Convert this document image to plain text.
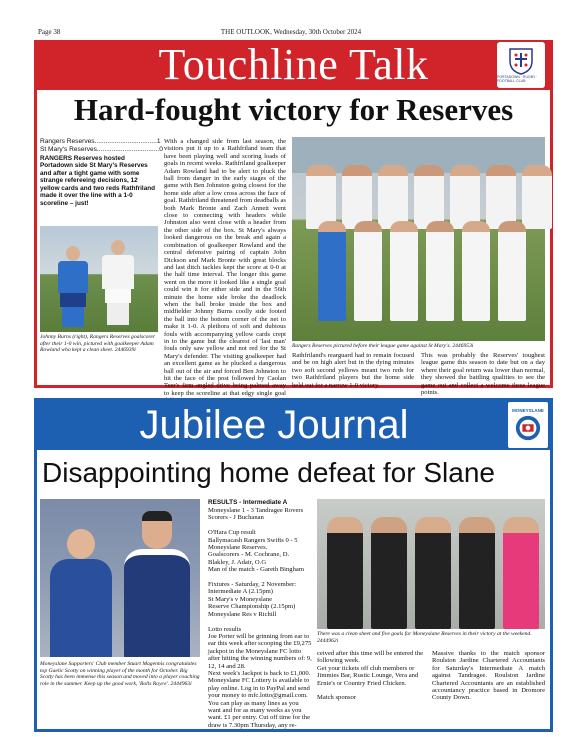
Page 38	THE OUTLOOK, Wednesday, 30th October 2024
Touchline Talk	PORTADOWN · RUGBY · FOOTBALL CLUB
Hard-fought victory for Reserves
Rangers Reserves..................................1
St Mary's Reserves..................................0
RANGERS Reserves hosted Portadown side St Mary's Reserves and after a tight game with some strange refereeing decisions, 12 yellow cards and two reds Rathfriland made it over the line with a 1-0 scoreline – just!
Johnny Burns (right), Rangers Reserves goalscorer after their 1-0 win, pictured with goalkeeper Adam Rowland who kept a clean sheet. 2446939i
With a changed side from last season, the visitors put it up to a Rathfriland team that have been playing well and scoring loads of goals in recent weeks. Rathfriland goalkeeper Adam Rowland had to be alert to pluck the ball from danger in the early stages of the game with Ben Johnston going closest for the home side after a low cross across the face of goal. Rathfriland threatened from deadballs as both Mark Bronte and Zach Annett went close to connecting with headers while Johnston also went close with a header from the other side of the box. St Mary's always looked dangerous on the break and again a combination of goalkeeper Rowland and the central defensive pairing of captain John Dickson and Mark Bronte with great blocks and last ditch tackles kept the score at 0-0 at the half time interval. The longer this game went on the more it looked like a single goal could win it for either side and in the 56th minute the home side broke the deadlock when the ball broke inside the box and midfielder Johnny Burns coolly side footed the ball into the bottom corner of the net to make it 1-0. A plethora of soft and dubious fouls with accompanying yellow cards crept in to the game but the clearest of 'last man' fouls only saw yellow and not red for the St Mary's defender. The visiting goalkeeper had an excellent game as he plucked a dangerous ball out of the air and forced Ben Johnston to hit the face of the post followed by Caolan Teer's firm angled drive being palmed away to keep the scoreline at that edgy single goal
Rangers Reserves pictured before their league game against St Mary's. 2446953i
Rathfriland's rearguard had to remain focused and be on high alert but in the dying minutes two soft second yellows meant two reds for two Rathfriland players but the home side held out for a narrow 1-0 victory.
This was probably the Reserves' toughest league game this season to date but on a day where their goal return was lower than normal, they showed the battling qualities to see the game out and collect a welcome three league points.
Jubilee Journal	MONEYSLANE
Disappointing home defeat for Slane
Moneyslane Supporters' Club member Stuart Magennis congratulates top Gaelic Scotty on winning player of the month for October. Big Scotty has been immense this season and moved into a player coaching role in the summer. Keep up the good work, 'Rolls Royce'. 2444963i
RESULTS - Intermediate A
Moneyslane 1 - 3 Tandragee Rovers
Scorers - J Buchanan

O'Hara Cup result
Ballymacash Rangers Swifts 0 - 5 Moneyslane Reserves.
Goalscorers - M. Cochrane, D. Blakley, J. Adair, O.G
Man of the match - Gareth Bingham

Fixtures - Saturday, 2 November:
Intermediate A (2.15pm)
St Mary's v Moneyslane
Reserve Championship (2.15pm)
Moneyslane Res v Richill

Lotto results
Joe Porter will be grinning from ear to ear this week after scooping the £9,275 jackpot in the Moneyslane FC lotto after hitting the winning numbers of: 9, 12, 14 and 28.
Next week's Jackpot is back to £1,000. Moneyslane FC Lottery is available to play online. Log in to PayPal and send your money to mfc.lotto@gmail.com.
You can play as many lines as you want and for as many weeks as you want. £1 per entry. Cut off time for the draw is 7.30pm Thursday, any re-
There was a clean sheet and five goals for Moneyslane Reserves in their victory at the weekend. 2444962i
ceived after this time will be entered the following week.
Get your tickets off club members or Jimmies Bar, Rustic Lounge, Vera and Ernie's or Country Fried Chicken.

Match sponsor
Massive thanks to the match sponsor Roulston Jardine Chartered Accountants for Saturday's Intermediate A match against Tandragee. Roulston Jardine Chartered Accountants are an established accountancy practice based in Dromore County Down.
